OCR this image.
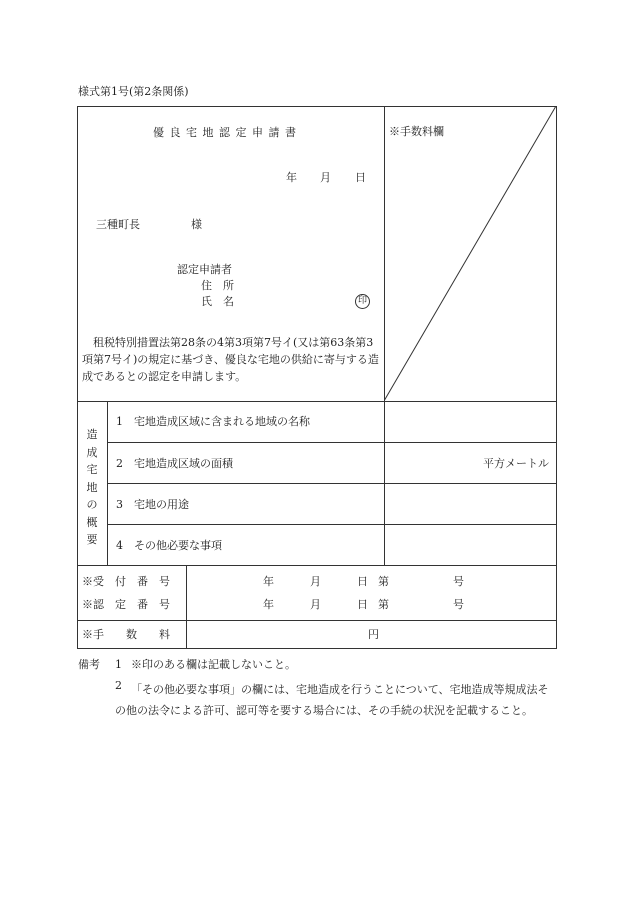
様式第1号(第2条関係)
優 良 宅 地 認 定 申 請 書	※手数料欄
年 月 日
三種町長	様
認定申請者
住　所
氏　名	印
租税特別措置法第28条の4第3項第7号イ(又は第63条第3項第7号イ)の規定に基づき、優良な宅地の供給に寄与する造成であるとの認定を申請します。
造
成
宅
地
の
概
要
1　宅地造成区域に含まれる地域の名称
2　宅地造成区域の面積	平方メートル
3　宅地の用途
4　その他必要な事項
※受　付　番　号	年	月	日 第	号
※認　定　番　号	年	月	日 第	号
※手　　数　　料	円
備考 1 ※印のある欄は記載しないこと。
2 「その他必要な事項」の欄には、宅地造成を行うことについて、宅地造成等規成法その他の法令による許可、認可等を要する場合には、その手続の状況を記載すること。
